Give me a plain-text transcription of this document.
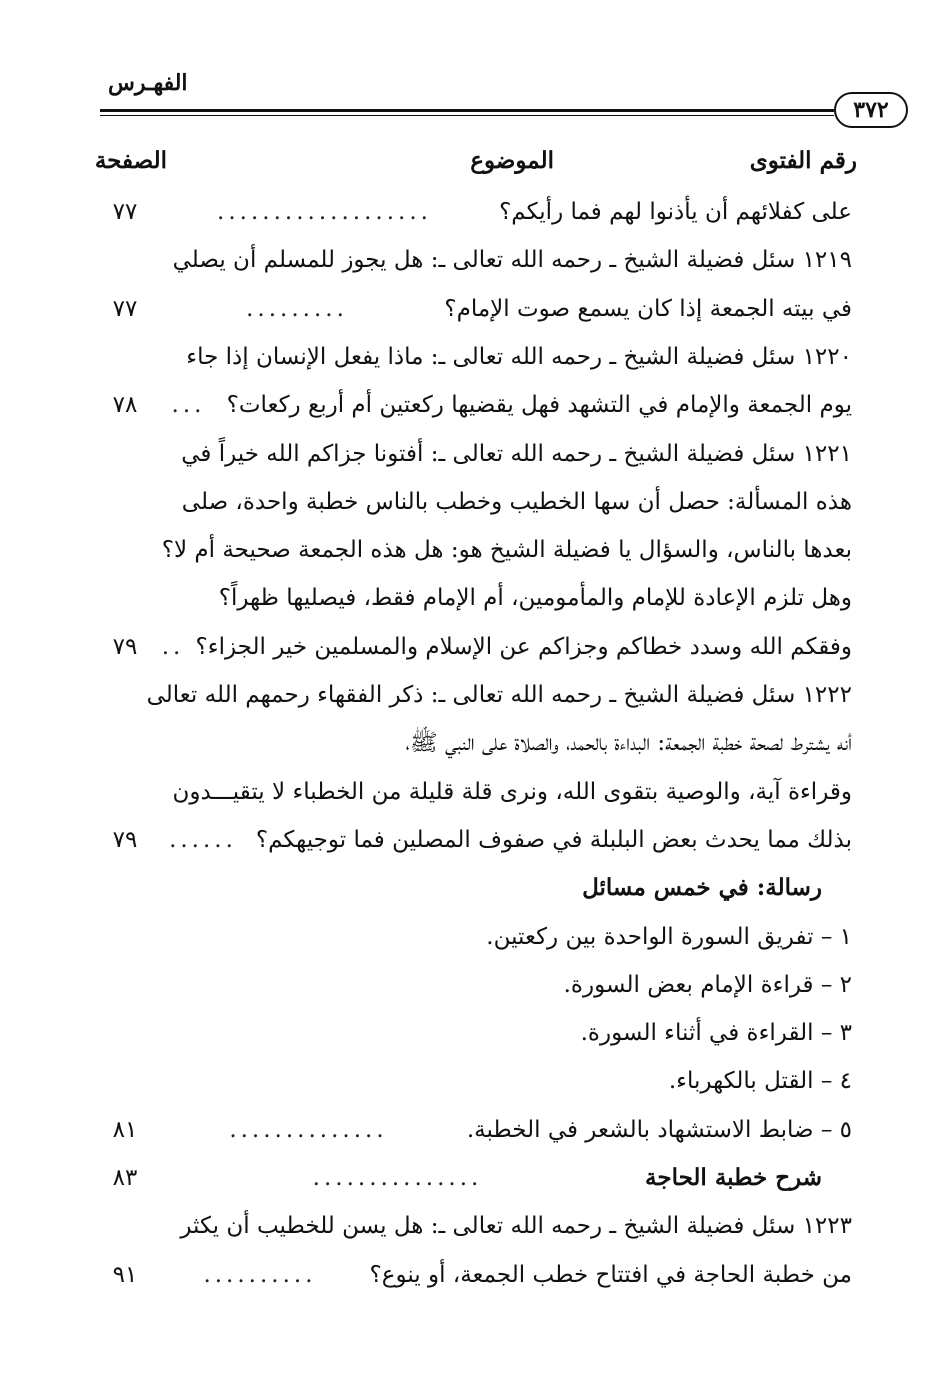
الفهـرس
٣٧٢
رقم الفتوى
الموضوع
الصفحة
على كفلائهم أن يأذنوا لهم فما رأيكم؟
...................
٧٧
١٢١٩ سئل فضيلة الشيخ ـ رحمه الله تعالى ـ: هل يجوز للمسلم أن يصلي
في بيته الجمعة إذا كان يسمع صوت الإمام؟
.........
٧٧
١٢٢٠ سئل فضيلة الشيخ ـ رحمه الله تعالى ـ: ماذا يفعل الإنسان إذا جاء
يوم الجمعة والإمام في التشهد فهل يقضيها ركعتين أم أربع ركعات؟
...
٧٨
١٢٢١ سئل فضيلة الشيخ ـ رحمه الله تعالى ـ: أفتونا جزاكم الله خيراً في
هذه المسألة: حصل أن سها الخطيب وخطب بالناس خطبة واحدة، صلى
بعدها بالناس، والسؤال يا فضيلة الشيخ هو: هل هذه الجمعة صحيحة أم لا؟
وهل تلزم الإعادة للإمام والمأمومين، أم الإمام فقط، فيصليها ظهراً؟
وفقكم الله وسدد خطاكم وجزاكم عن الإسلام والمسلمين خير الجزاء؟
..
٧٩
١٢٢٢ سئل فضيلة الشيخ ـ رحمه الله تعالى ـ: ذكر الفقهاء رحمهم الله تعالى
أنه يشترط لصحة خطبة الجمعة: البداءة بالحمد، والصلاة على النبي ﷺ،
وقراءة آية، والوصية بتقوى الله، ونرى قلة قليلة من الخطباء لا يتقيـــدون
بذلك مما يحدث بعض البلبلة في صفوف المصلين فما توجيهكم؟
......
٧٩
رسالة: في خمس مسائل
١ – تفريق السورة الواحدة بين ركعتين.
٢ – قراءة الإمام بعض السورة.
٣ – القراءة في أثناء السورة.
٤ – القتل بالكهرباء.
٥ – ضابط الاستشهاد بالشعر في الخطبة.
..............
٨١
شرح خطبة الحاجة
...............
٨٣
١٢٢٣ سئل فضيلة الشيخ ـ رحمه الله تعالى ـ: هل يسن للخطيب أن يكثر
من خطبة الحاجة في افتتاح خطب الجمعة، أو ينوع؟
..........
٩١
